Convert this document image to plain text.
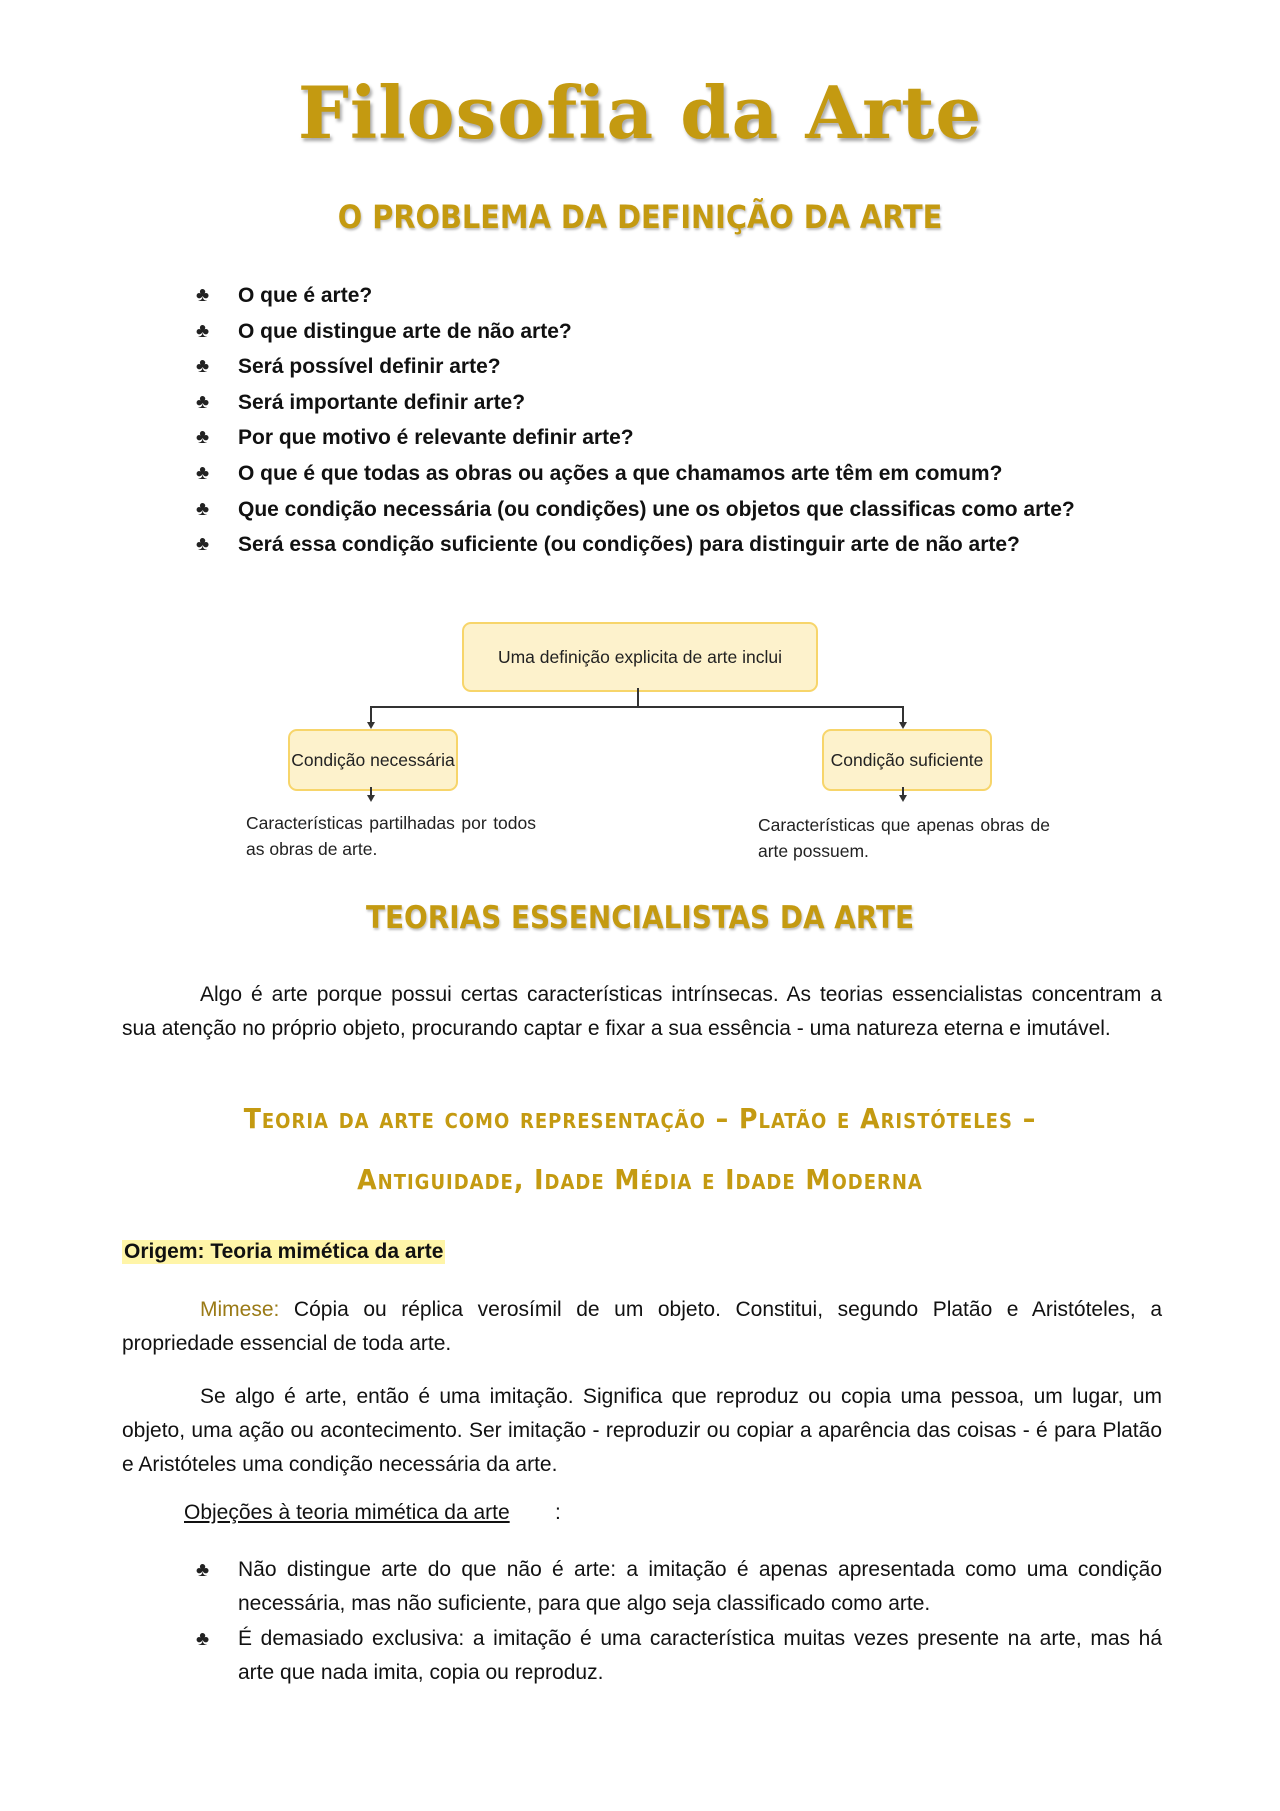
Filosofia da Arte
O PROBLEMA DA DEFINIÇÃO DA ARTE
♣ O que é arte?
♣ O que distingue arte de não arte?
♣ Será possível definir arte?
♣ Será importante definir arte?
♣ Por que motivo é relevante definir arte?
♣ O que é que todas as obras ou ações a que chamamos arte têm em comum?
♣ Que condição necessária (ou condições) une os objetos que classificas como arte?
♣ Será essa condição suficiente (ou condições) para distinguir arte de não arte?
Uma definição explicita de arte inclui
Condição necessária	Condição suficiente
Características partilhadas por todos as obras de arte.
Características que apenas obras de arte possuem.
TEORIAS ESSENCIALISTAS DA ARTE

Algo é arte porque possui certas características intrínsecas. As teorias essencialistas concentram a sua atenção no próprio objeto, procurando captar e fixar a sua essência - uma natureza eterna e imutável.

Teoria da arte como representação – Platão e Aristóteles –
Antiguidade, Idade Média e Idade Moderna
Origem: Teoria mimética da arte

Mimese: Cópia ou réplica verosímil de um objeto. Constitui, segundo Platão e Aristóteles, a propriedade essencial de toda arte.

Se algo é arte, então é uma imitação. Significa que reproduz ou copia uma pessoa, um lugar, um objeto, uma ação ou acontecimento. Ser imitação - reproduzir ou copiar a aparência das coisas - é para Platão e Aristóteles uma condição necessária da arte.

Objeções à teoria mimética da arte :
♣ Não distingue arte do que não é arte: a imitação é apenas apresentada como uma condição necessária, mas não suficiente, para que algo seja classificado como arte.
♣ É demasiado exclusiva: a imitação é uma característica muitas vezes presente na arte, mas há arte que nada imita, copia ou reproduz.
